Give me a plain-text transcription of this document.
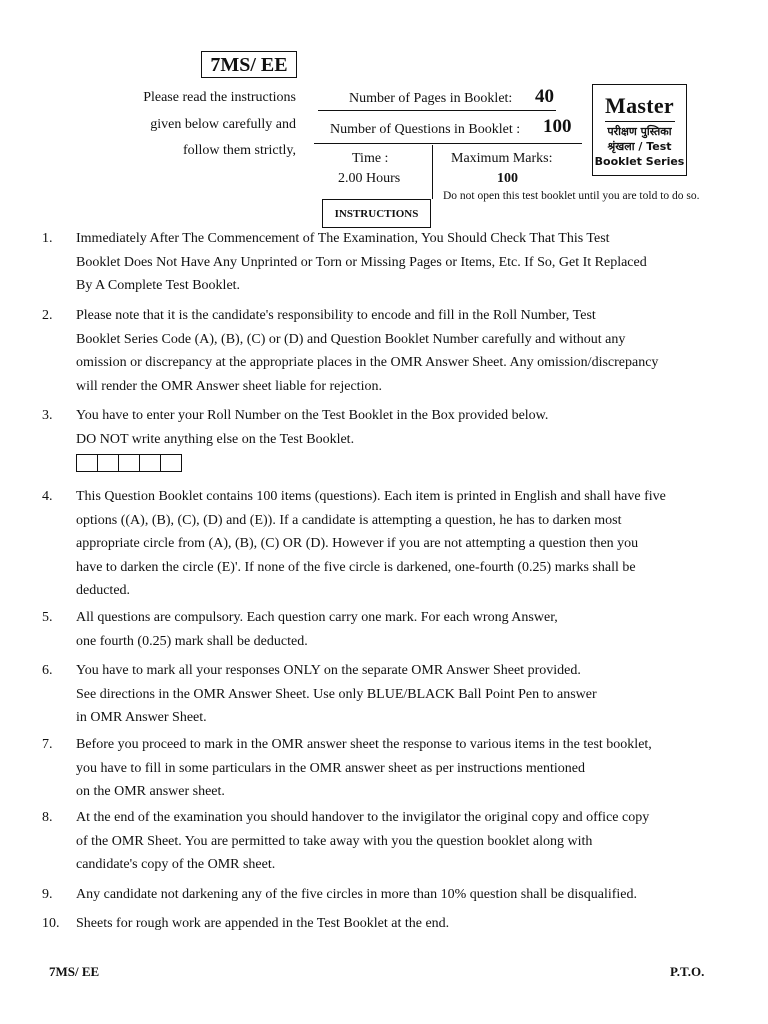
7MS/ EE
Please read the instructions
given below carefully and
follow them strictly,
Number of Pages in Booklet: 40
Number of Questions in Booklet : 100
Time :
2.00 Hours
Maximum Marks:
100
INSTRUCTIONS
Do not open this test booklet until you are told to do so.
Master
परीक्षण पुस्तिका
श्रृंखला / Test
Booklet Series
1.	Immediately After The Commencement of The Examination, You Should Check That This Test
Booklet Does Not Have Any Unprinted or Torn or Missing Pages or Items, Etc. If So, Get It Replaced
By A Complete Test Booklet.
2.	Please note that it is the candidate's responsibility to encode and fill in the Roll Number, Test
Booklet Series Code (A), (B), (C) or (D) and Question Booklet Number carefully and without any
omission or discrepancy at the appropriate places in the OMR Answer Sheet. Any omission/discrepancy
will render the OMR Answer sheet liable for rejection.
3.	You have to enter your Roll Number on the Test Booklet in the Box provided below.
DO NOT write anything else on the Test Booklet.
4.	This Question Booklet contains 100 items (questions). Each item is printed in English and shall have five
options ((A), (B), (C), (D) and (E)). If a candidate is attempting a question, he has to darken most
appropriate circle from (A), (B), (C) OR (D). However if you are not attempting a question then you
have to darken the circle (E)'. If none of the five circle is darkened, one-fourth (0.25) marks shall be
deducted.
5.	All questions are compulsory. Each question carry one mark. For each wrong Answer,
one fourth (0.25) mark shall be deducted.
6.	You have to mark all your responses ONLY on the separate OMR Answer Sheet provided.
See directions in the OMR Answer Sheet. Use only BLUE/BLACK Ball Point Pen to answer
in OMR Answer Sheet.
7.	Before you proceed to mark in the OMR answer sheet the response to various items in the test booklet,
you have to fill in some particulars in the OMR answer sheet as per instructions mentioned
on the OMR answer sheet.
8.	At the end of the examination you should handover to the invigilator the original copy and office copy
of the OMR Sheet. You are permitted to take away with you the question booklet along with
candidate's copy of the OMR sheet.
9.	Any candidate not darkening any of the five circles in more than 10% question shall be disqualified.
10.	Sheets for rough work are appended in the Test Booklet at the end.
7MS/ EE	P.T.O.
